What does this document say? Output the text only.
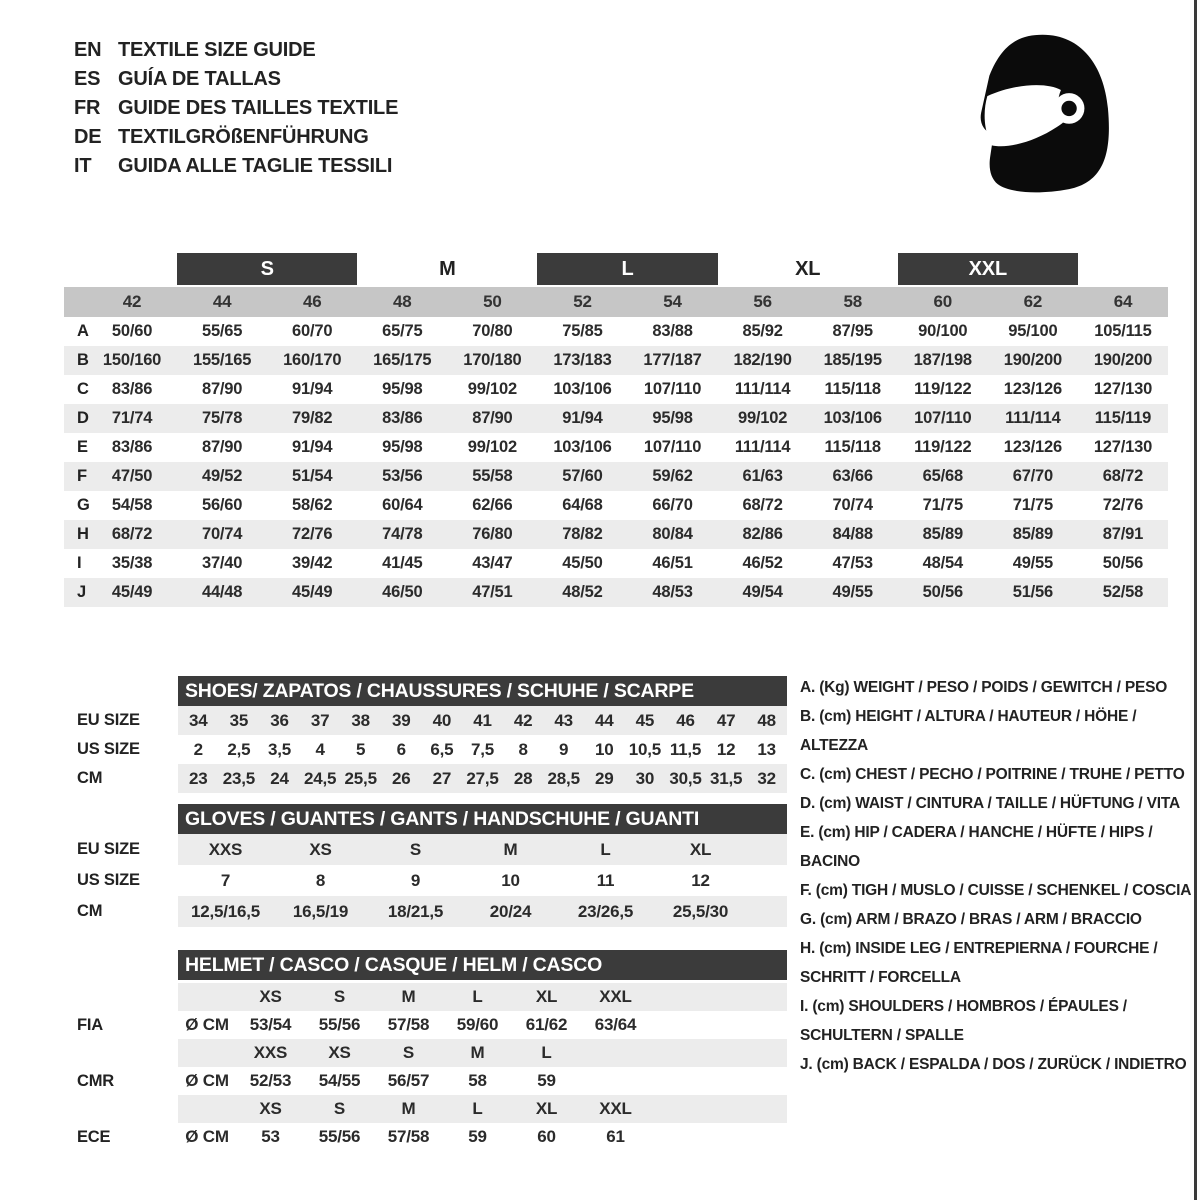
EN TEXTILE SIZE GUIDE
ES GUÍA DE TALLAS
FR GUIDE DES TAILLES TEXTILE
DE TEXTILGRÖßENFÜHRUNG
IT	GUIDA ALLE TAGLIE TESSILI
S	M	L	XL	XXL
42	44	46	48	50	52	54	56	58	60	62	64
A	50/60	55/65	60/70	65/75	70/80	75/85	83/88	85/92	87/95	90/100	95/100	105/115
B 150/160	155/165	160/170	165/175	170/180	173/183	177/187	182/190	185/195	187/198	190/200	190/200
C	83/86	87/90	91/94	95/98	99/102	103/106	107/110	111/114	115/118	119/122	123/126	127/130
D	71/74	75/78	79/82	83/86	87/90	91/94	95/98	99/102	103/106	107/110	111/114	115/119
E	83/86	87/90	91/94	95/98	99/102	103/106	107/110	111/114	115/118	119/122	123/126	127/130
F	47/50	49/52	51/54	53/56	55/58	57/60	59/62	61/63	63/66	65/68	67/70	68/72
G	54/58	56/60	58/62	60/64	62/66	64/68	66/70	68/72	70/74	71/75	71/75	72/76
H	68/72	70/74	72/76	74/78	76/80	78/82	80/84	82/86	84/88	85/89	85/89	87/91
I	35/38	37/40	39/42	41/45	43/47	45/50	46/51	46/52	47/53	48/54	49/55	50/56
J	45/49	44/48	45/49	46/50	47/51	48/52	48/53	49/54	49/55	50/56	51/56	52/58
SHOES/ ZAPATOS / CHAUSSURES / SCHUHE / SCARPE
EU SIZE	34	35	36	37	38	39	40	41	42	43	44	45	46	47	48
US SIZE	2	2,5	3,5	4	5	6	6,5	7,5	8	9	10 10,5 11,5 12	13
CM	23 23,5 24 24,5 25,5 26	27 27,5 28 28,5 29	30 30,5 31,5 32
GLOVES / GUANTES / GANTS / HANDSCHUHE / GUANTI
EU SIZE	XXS	XS	S	M	L	XL
US SIZE	7	8	9	10	11	12
CM	12,5/16,5	16,5/19	18/21,5	20/24	23/26,5	25,5/30
HELMET / CASCO / CASQUE / HELM / CASCO
XS	S	M	L	XL	XXL
FIA	Ø CM	53/54	55/56	57/58	59/60	61/62	63/64
XXS	XS	S	M	L
CMR	Ø CM	52/53	54/55	56/57	58	59
XS	S	M	L	XL	XXL
ECE	Ø CM	53	55/56	57/58	59	60	61
A. (Kg) WEIGHT / PESO / POIDS / GEWITCH / PESO
B. (cm) HEIGHT / ALTURA / HAUTEUR / HÖHE / ALTEZZA
C. (cm) CHEST / PECHO / POITRINE / TRUHE / PETTO
D. (cm) WAIST / CINTURA / TAILLE / HÜFTUNG / VITA
E. (cm) HIP / CADERA / HANCHE / HÜFTE / HIPS / BACINO
F. (cm) TIGH / MUSLO / CUISSE / SCHENKEL / COSCIA
G. (cm) ARM / BRAZO / BRAS / ARM / BRACCIO
H. (cm) INSIDE LEG / ENTREPIERNA / FOURCHE / SCHRITT / FORCELLA
I. (cm) SHOULDERS / HOMBROS / ÉPAULES / SCHULTERN / SPALLE
J. (cm) BACK / ESPALDA / DOS / ZURÜCK / INDIETRO
